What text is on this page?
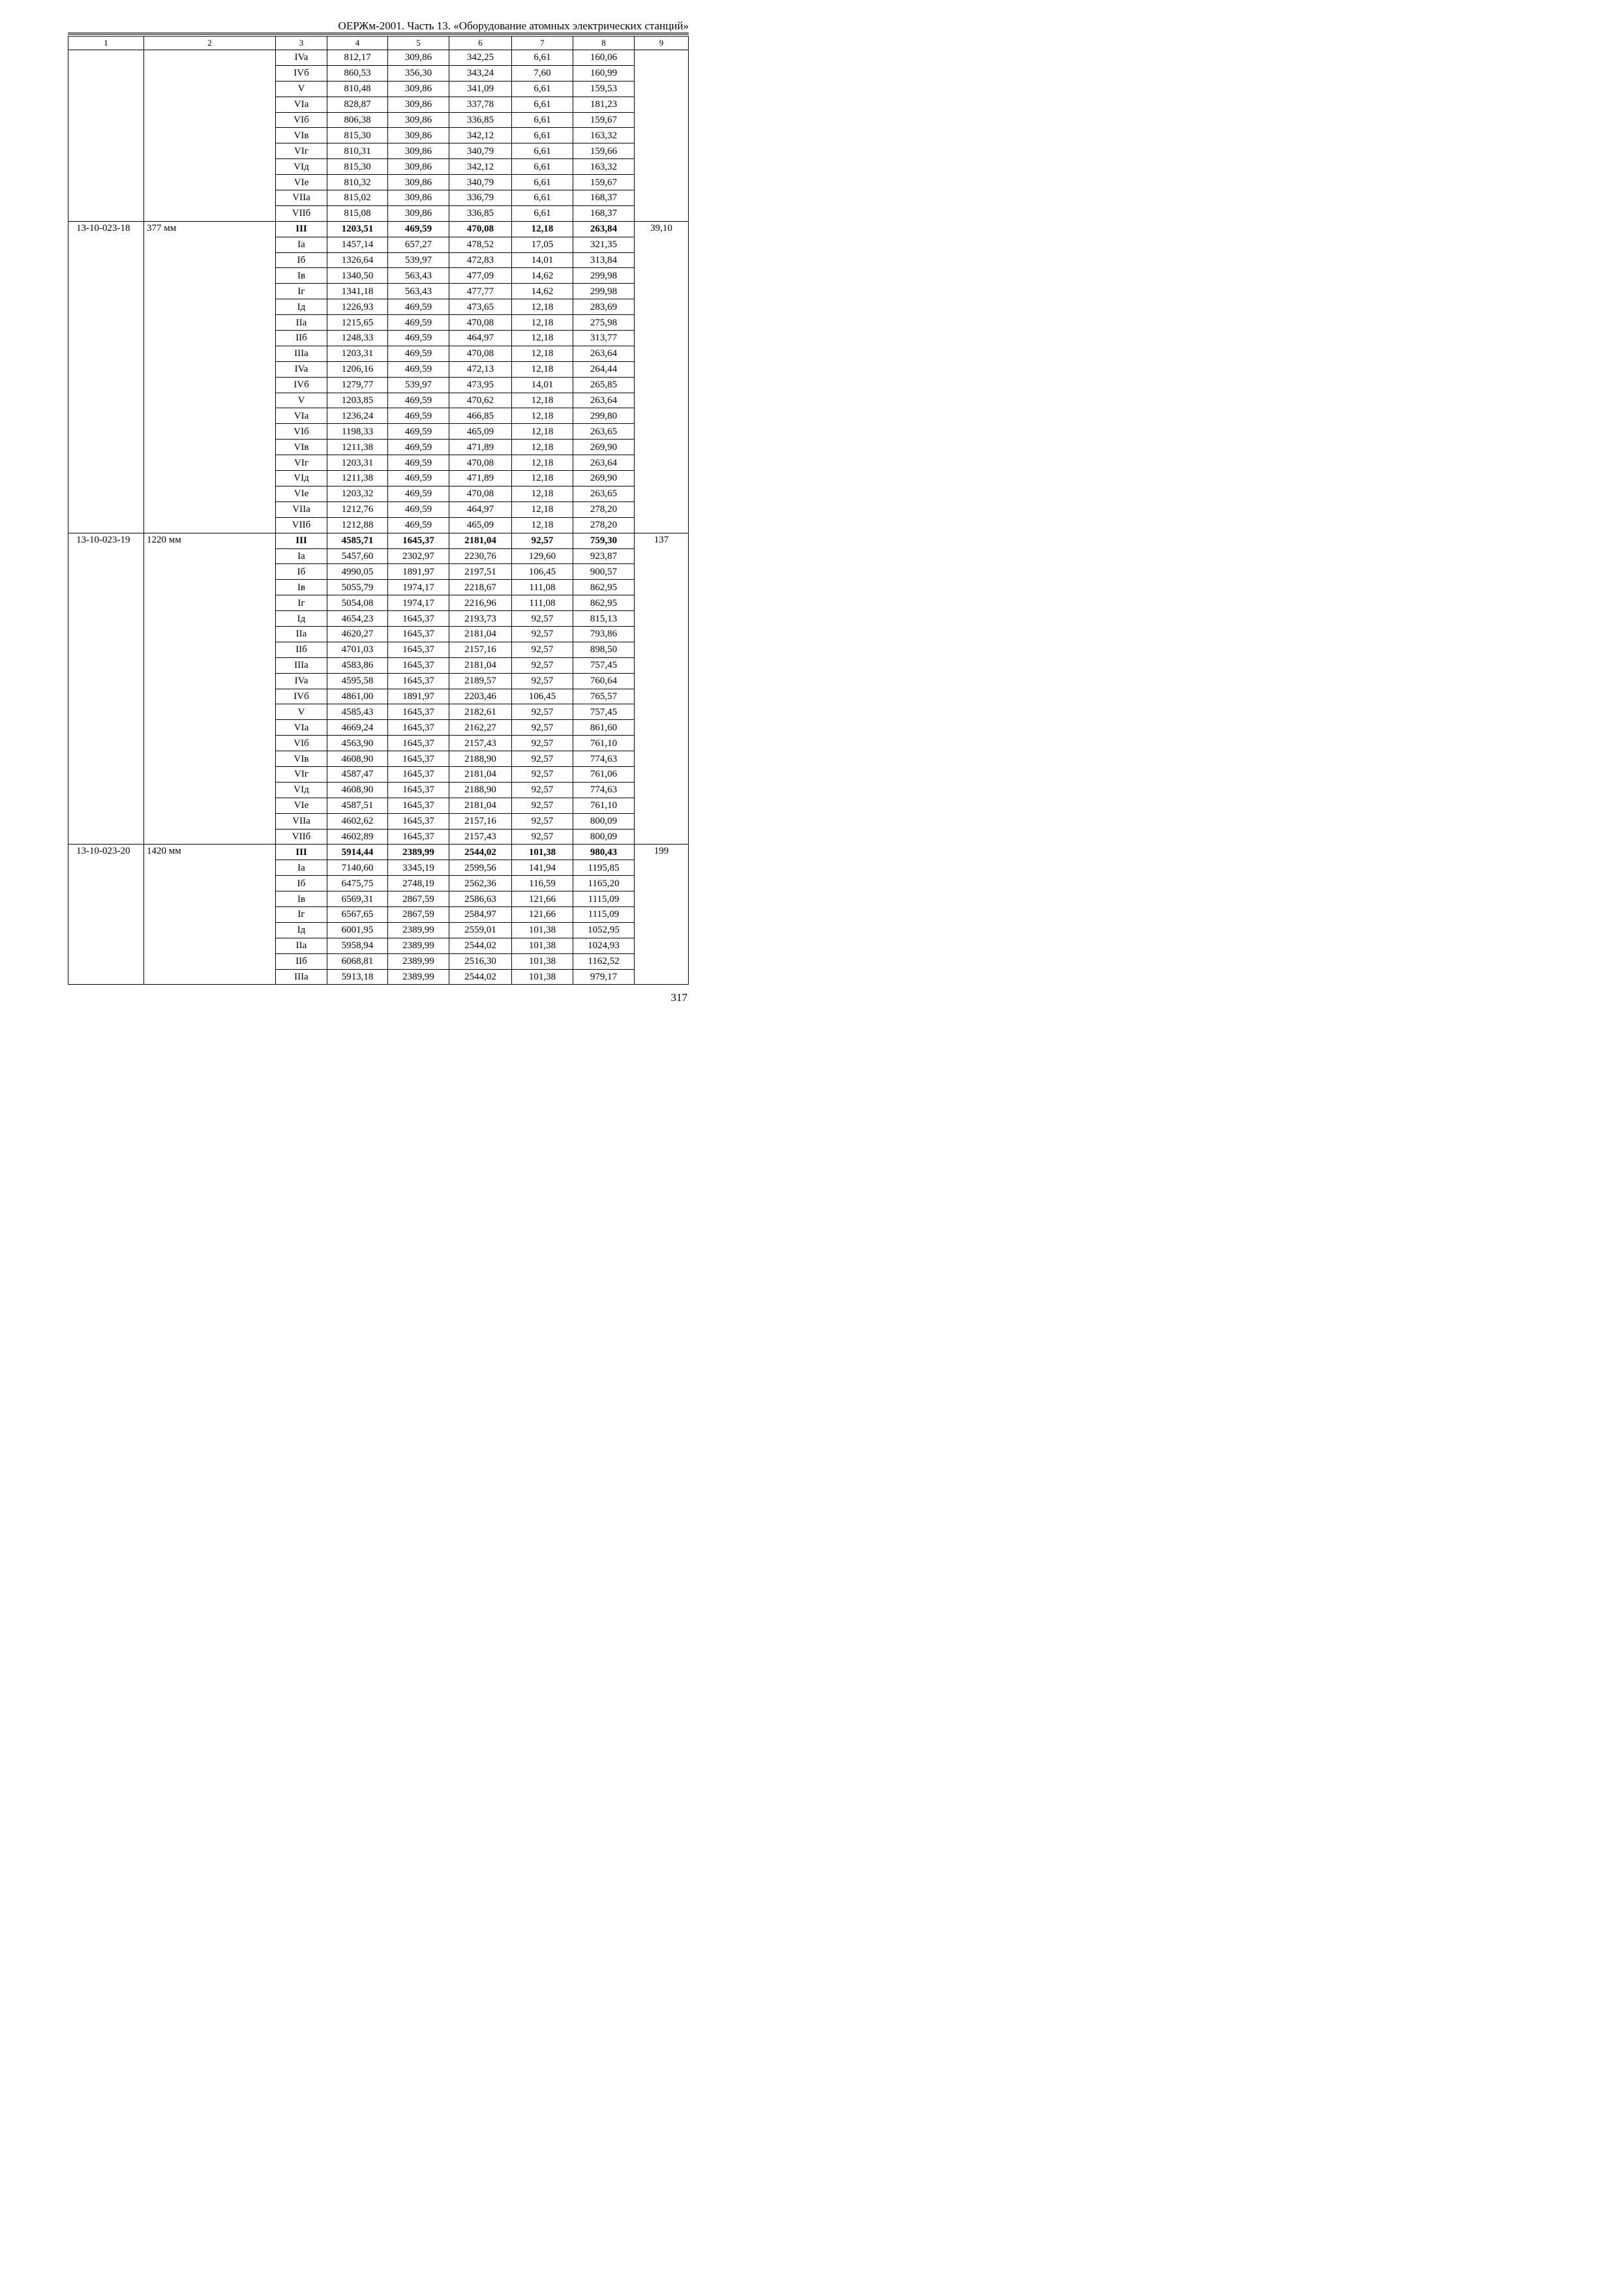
ОЕРЖм-2001. Часть 13. «Оборудование атомных электрических станций»
1	2	3	4	5	6	7	8	9
		IVa	812,17	309,86	342,25	6,61	160,06	
		IVб	860,53	356,30	343,24	7,60	160,99	
		V	810,48	309,86	341,09	6,61	159,53	
		VIa	828,87	309,86	337,78	6,61	181,23	
		VIб	806,38	309,86	336,85	6,61	159,67	
		VIв	815,30	309,86	342,12	6,61	163,32	
		VIг	810,31	309,86	340,79	6,61	159,66	
		VIд	815,30	309,86	342,12	6,61	163,32	
		VIе	810,32	309,86	340,79	6,61	159,67	
		VIIa	815,02	309,86	336,79	6,61	168,37	
		VIIб	815,08	309,86	336,85	6,61	168,37	
13-10-023-18	377 мм	III	1203,51	469,59	470,08	12,18	263,84	39,10
		Ia	1457,14	657,27	478,52	17,05	321,35	
		Iб	1326,64	539,97	472,83	14,01	313,84	
		Iв	1340,50	563,43	477,09	14,62	299,98	
		Iг	1341,18	563,43	477,77	14,62	299,98	
		Iд	1226,93	469,59	473,65	12,18	283,69	
		IIa	1215,65	469,59	470,08	12,18	275,98	
		IIб	1248,33	469,59	464,97	12,18	313,77	
		IIIa	1203,31	469,59	470,08	12,18	263,64	
		IVa	1206,16	469,59	472,13	12,18	264,44	
		IVб	1279,77	539,97	473,95	14,01	265,85	
		V	1203,85	469,59	470,62	12,18	263,64	
		VIa	1236,24	469,59	466,85	12,18	299,80	
		VIб	1198,33	469,59	465,09	12,18	263,65	
		VIв	1211,38	469,59	471,89	12,18	269,90	
		VIг	1203,31	469,59	470,08	12,18	263,64	
		VIд	1211,38	469,59	471,89	12,18	269,90	
		VIе	1203,32	469,59	470,08	12,18	263,65	
		VIIa	1212,76	469,59	464,97	12,18	278,20	
		VIIб	1212,88	469,59	465,09	12,18	278,20	
13-10-023-19	1220 мм	III	4585,71	1645,37	2181,04	92,57	759,30	137
		Ia	5457,60	2302,97	2230,76	129,60	923,87	
		Iб	4990,05	1891,97	2197,51	106,45	900,57	
		Iв	5055,79	1974,17	2218,67	111,08	862,95	
		Iг	5054,08	1974,17	2216,96	111,08	862,95	
		Iд	4654,23	1645,37	2193,73	92,57	815,13	
		IIa	4620,27	1645,37	2181,04	92,57	793,86	
		IIб	4701,03	1645,37	2157,16	92,57	898,50	
		IIIa	4583,86	1645,37	2181,04	92,57	757,45	
		IVa	4595,58	1645,37	2189,57	92,57	760,64	
		IVб	4861,00	1891,97	2203,46	106,45	765,57	
		V	4585,43	1645,37	2182,61	92,57	757,45	
		VIa	4669,24	1645,37	2162,27	92,57	861,60	
		VIб	4563,90	1645,37	2157,43	92,57	761,10	
		VIв	4608,90	1645,37	2188,90	92,57	774,63	
		VIг	4587,47	1645,37	2181,04	92,57	761,06	
		VIд	4608,90	1645,37	2188,90	92,57	774,63	
		VIе	4587,51	1645,37	2181,04	92,57	761,10	
		VIIa	4602,62	1645,37	2157,16	92,57	800,09	
		VIIб	4602,89	1645,37	2157,43	92,57	800,09	
13-10-023-20	1420 мм	III	5914,44	2389,99	2544,02	101,38	980,43	199
		Ia	7140,60	3345,19	2599,56	141,94	1195,85	
		Iб	6475,75	2748,19	2562,36	116,59	1165,20	
		Iв	6569,31	2867,59	2586,63	121,66	1115,09	
		Iг	6567,65	2867,59	2584,97	121,66	1115,09	
		Iд	6001,95	2389,99	2559,01	101,38	1052,95	
		IIa	5958,94	2389,99	2544,02	101,38	1024,93	
		IIб	6068,81	2389,99	2516,30	101,38	1162,52	
		IIIa	5913,18	2389,99	2544,02	101,38	979,17	
317
